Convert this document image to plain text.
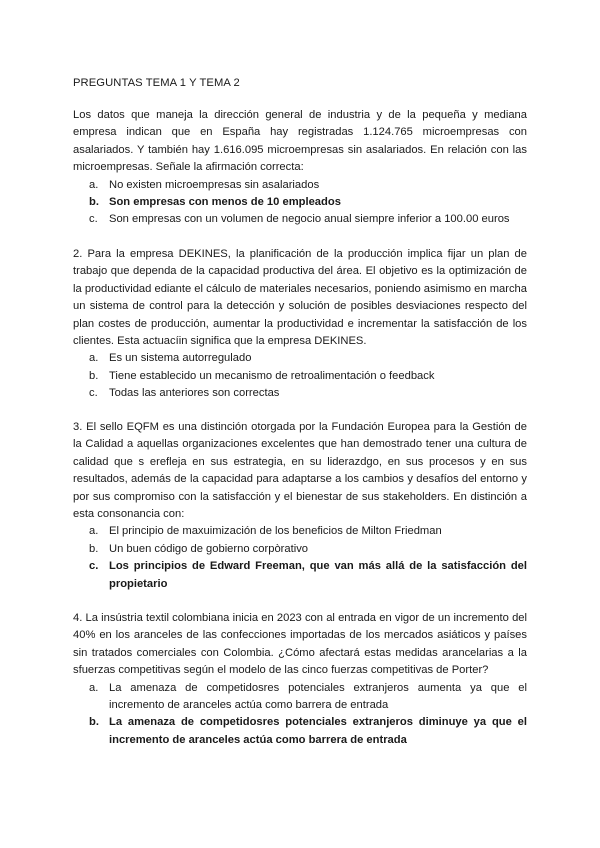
PREGUNTAS TEMA 1 Y TEMA 2

Los datos que maneja la dirección general de industria y de la pequeña y mediana empresa indican que en España hay registradas 1.124.765 microempresas con asalariados. Y también hay 1.616.095 microempresas sin asalariados. En relación con las microempresas. Señale la afirmación correcta:

a. No existen microempresas sin asalariados
b. Son empresas con menos de 10 empleados
c. Son empresas con un volumen de negocio anual siempre inferior a 100.00 euros

2. Para la empresa DEKINES, la planificación de la producción implica fijar un plan de trabajo que dependa de la capacidad productiva del área. El objetivo es la optimización de la productividad ediante el cálculo de materiales necesarios, poniendo asimismo en marcha un sistema de control para la detección y solución de posibles desviaciones respecto del plan costes de producción, aumentar la productividad e incrementar la satisfacción de los clientes. Esta actuacíin significa que la empresa DEKINES.

a. Es un sistema autorregulado
b. Tiene establecido un mecanismo de retroalimentación o feedback
c. Todas las anteriores son correctas

3. El sello EQFM es una distinción otorgada por la Fundación Europea para la Gestión de la Calidad a aquellas organizaciones excelentes que han demostrado tener una cultura de calidad que s erefleja en sus estrategia, en su liderazdgo, en sus procesos y en sus resultados, además de la capacidad para adaptarse a los cambios y desafíos del entorno y por sus compromiso con la satisfacción y el bienestar de sus stakeholders. En distinción a esta consonancia con:

a. El principio de maxuimización de los beneficios de Milton Friedman
b. Un buen código de gobierno corpòrativo
c. Los principios de Edward Freeman, que van más allá de la satisfacción del propietario

4. La insústria textil colombiana inicia en 2023 con al entrada en vigor de un incremento del 40% en los aranceles de las confecciones importadas de los mercados asiáticos y países sin tratados comerciales con Colombia. ¿Cómo afectará estas medidas arancelarias a la sfuerzas competitivas según el modelo de las cinco fuerzas competitivas de Porter?

a. La amenaza de competidosres potenciales extranjeros aumenta ya que el incremento de aranceles actúa como barrera de entrada
b. La amenaza de competidosres potenciales extranjeros diminuye ya que el incremento de aranceles actúa como barrera de entrada
